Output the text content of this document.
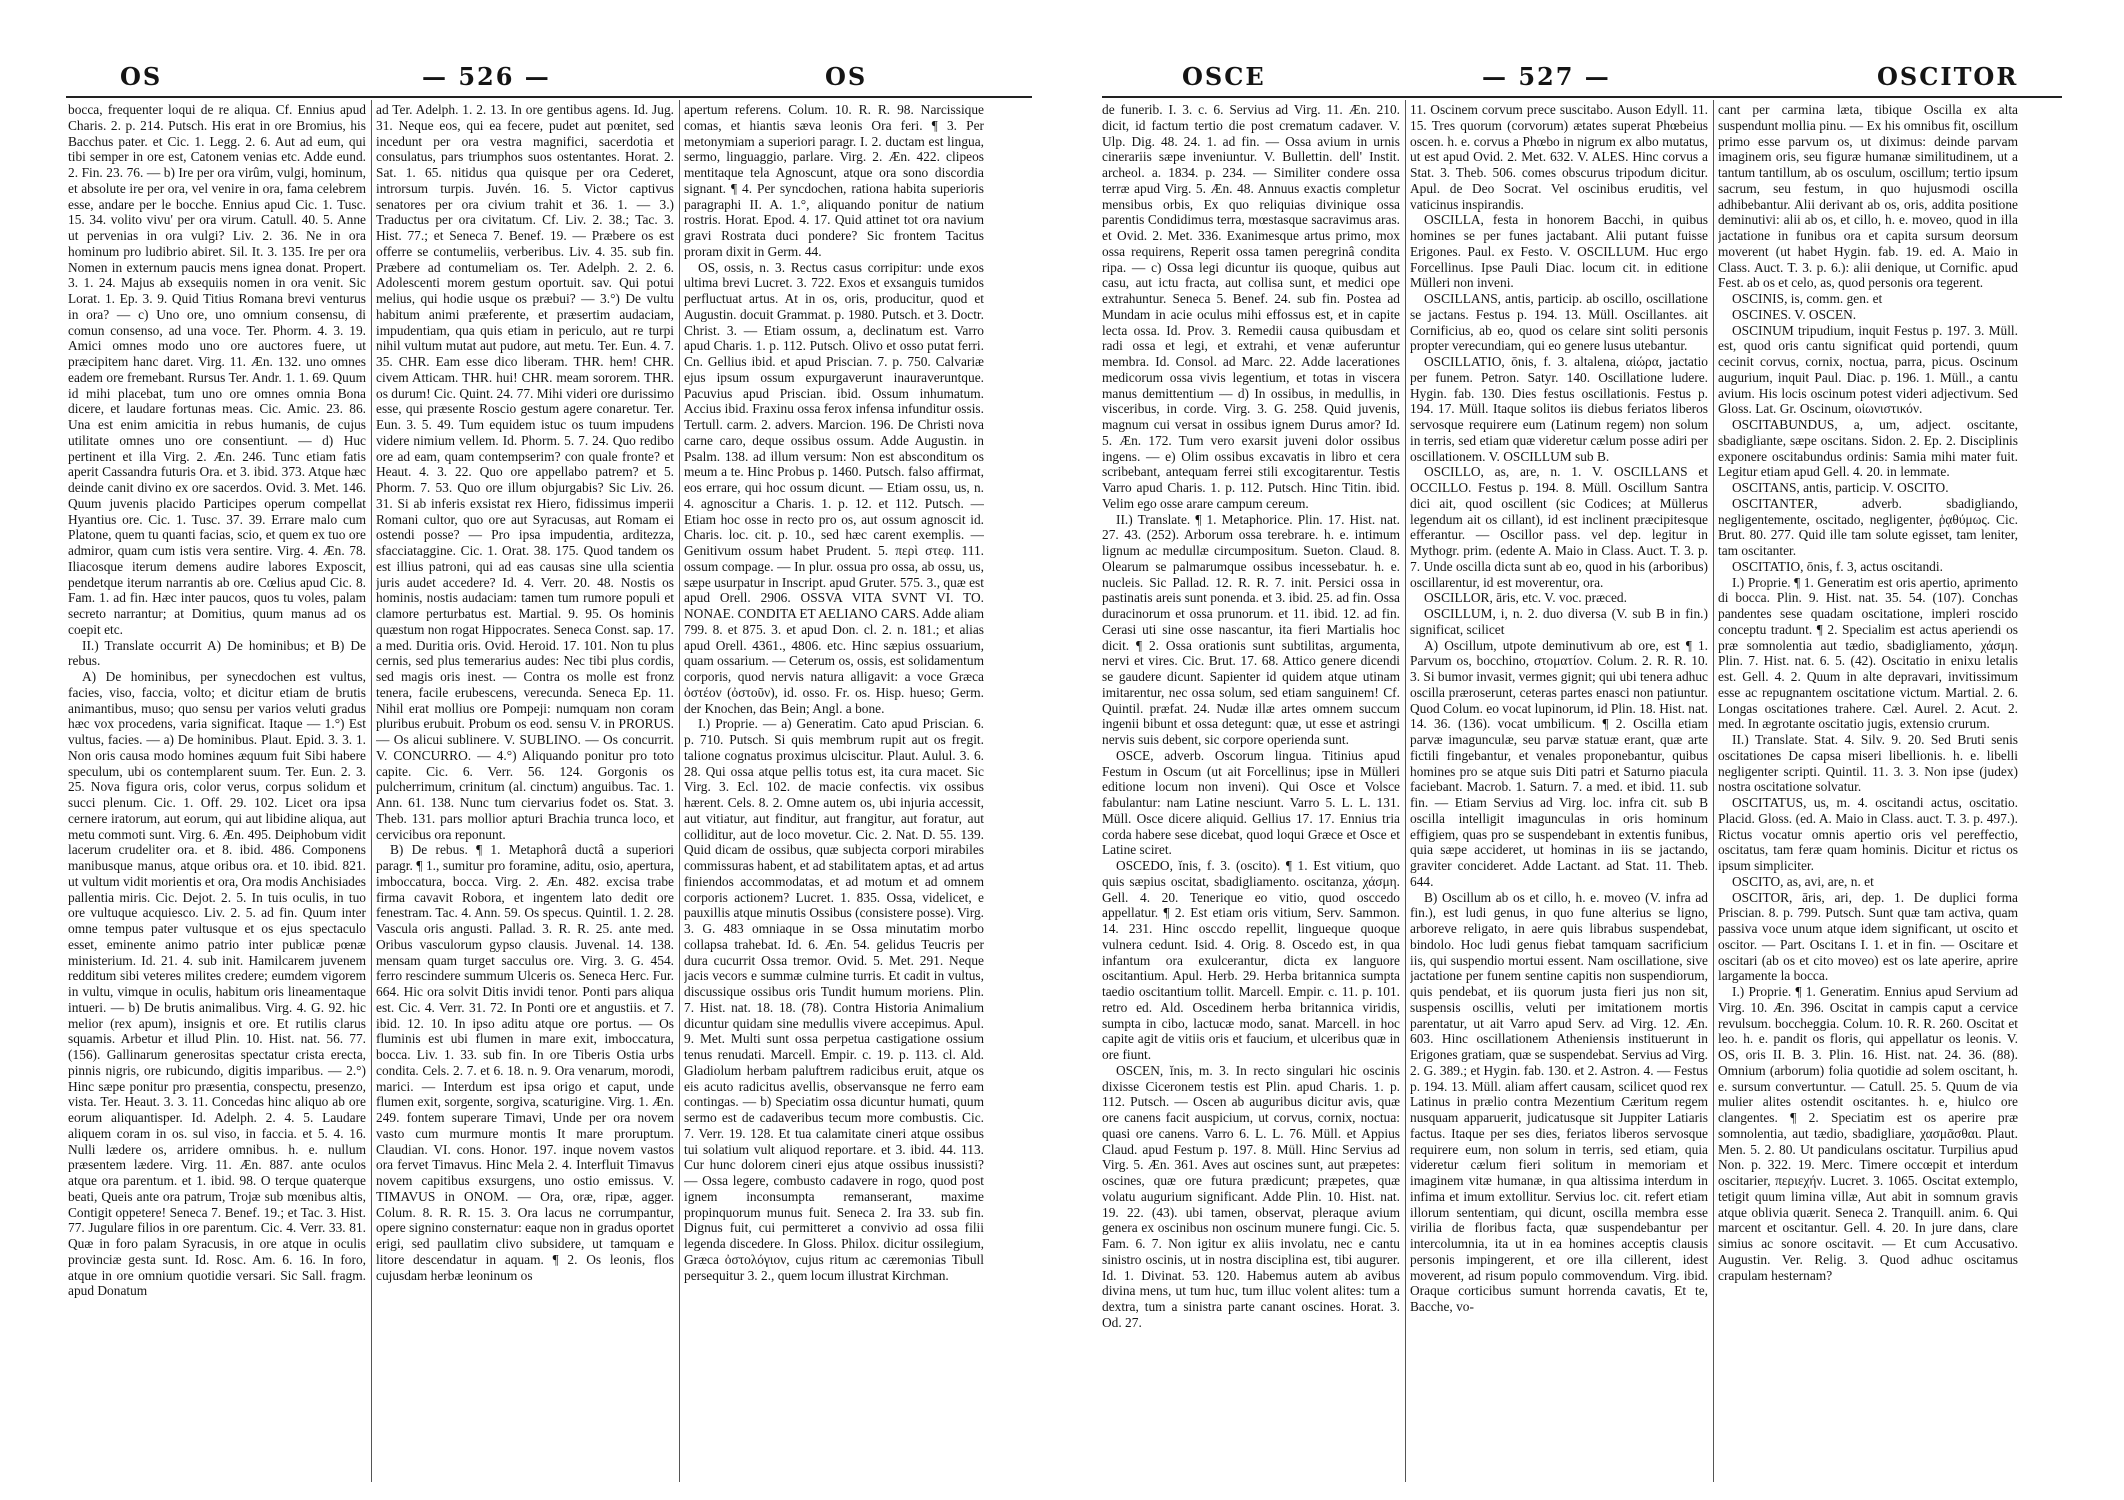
OS	— 526 —	OS

bocca, frequenter loqui de re aliqua. Cf. Ennius apud Charis. 2. p. 214. Putsch. His erat in ore Bromius, his Bacchus pater. et Cic. 1. Legg. 2. 6. Aut ad eum, qui tibi semper in ore est, Catonem venias etc. Adde eund. 2. Fin. 23. 76. — b) Ire per ora virûm, vulgi, hominum, et absolute ire per ora, vel venire in ora, fama celebrem esse, andare per le bocche. Ennius apud Cic. 1. Tusc. 15. 34. volito vivu' per ora virum. Catull. 40. 5. Anne ut pervenias in ora vulgi? Liv. 2. 36. Ne in ora hominum pro ludibrio abiret. Sil. It. 3. 135. Ire per ora Nomen in externum paucis mens ignea donat. Propert. 3. 1. 24. Majus ab exsequiis nomen in ora venit. Sic Lorat. 1. Ep. 3. 9. Quid Titius Romana brevi venturus in ora? — c) Uno ore, uno omnium consensu, di comun consenso, ad una voce. Ter. Phorm. 4. 3. 19. Amici omnes modo uno ore auctores fuere, ut præcipitem hanc daret. Virg. 11. Æn. 132. uno omnes eadem ore fremebant. Rursus Ter. Andr. 1. 1. 69. Quum id mihi placebat, tum uno ore omnes omnia Bona dicere, et laudare fortunas meas. Cic. Amic. 23. 86. Una est enim amicitia in rebus humanis, de cujus utilitate omnes uno ore consentiunt. — d) Huc pertinent et illa Virg. 2. Æn. 246. Tunc etiam fatis aperit Cassandra futuris Ora. et 3. ibid. 373. Atque hæc deinde canit divino ex ore sacerdos. Ovid. 3. Met. 146. Quum juvenis placido Participes operum compellat Hyantius ore. Cic. 1. Tusc. 37. 39. Errare malo cum Platone, quem tu quanti facias, scio, et quem ex tuo ore admiror, quam cum istis vera sentire. Virg. 4. Æn. 78. Iliacosque iterum demens audire labores Exposcit, pendetque iterum narrantis ab ore. Cœlius apud Cic. 8. Fam. 1. ad fin. Hæc inter paucos, quos tu voles, palam secreto narrantur; at Domitius, quum manus ad os coepit etc.

II.) Translate occurrit A) De hominibus; et B) De rebus.

A) De hominibus, per synecdochen est vultus, facies, viso, faccia, volto; et dicitur etiam de brutis animantibus, muso; quo sensu per varios veluti gradus hæc vox procedens, varia significat. Itaque — 1.°) Est vultus, facies. — a) De hominibus. Plaut. Epid. 3. 3. 1. Non oris causa modo homines æquum fuit Sibi habere speculum, ubi os contemplarent suum. Ter. Eun. 2. 3. 25. Nova figura oris, color verus, corpus solidum et succi plenum. Cic. 1. Off. 29. 102. Licet ora ipsa cernere iratorum, aut eorum, qui aut libidine aliqua, aut metu commoti sunt. Virg. 6. Æn. 495. Deiphobum vidit lacerum crudeliter ora. et 8. ibid. 486. Componens manibusque manus, atque oribus ora. et 10. ibid. 821. ut vultum vidit morientis et ora, Ora modis Anchisiades pallentia miris. Cic. Dejot. 2. 5. In tuis oculis, in tuo ore vultuque acquiesco. Liv. 2. 5. ad fin. Quum inter omne tempus pater vultusque et os ejus spectaculo esset, eminente animo patrio inter publicæ pœnæ ministerium. Id. 21. 4. sub init. Hamilcarem juvenem redditum sibi veteres milites credere; eumdem vigorem in vultu, vimque in oculis, habitum oris lineamentaque intueri. — b) De brutis animalibus. Virg. 4. G. 92. hic melior (rex apum), insignis et ore. Et rutilis clarus squamis. Arbetur et illud Plin. 10. Hist. nat. 56. 77. (156). Gallinarum generositas spectatur crista erecta, pinnis nigris, ore rubicundo, digitis imparibus. — 2.°) Hinc sæpe ponitur pro præsentia, conspectu, presenzo, vista. Ter. Heaut. 3. 3. 11. Concedas hinc aliquo ab ore eorum aliquantisper. Id. Adelph. 2. 4. 5. Laudare aliquem coram in os. sul viso, in faccia. et 5. 4. 16. Nulli lædere os, arridere omnibus. h. e. nullum præsentem lædere. Virg. 11. Æn. 887. ante oculos atque ora parentum. et 1. ibid. 98. O terque quaterque beati, Queis ante ora patrum, Trojæ sub mœnibus altis, Contigit oppetere! Seneca 7. Benef. 19.; et Tac. 3. Hist. 77. Jugulare filios in ore parentum. Cic. 4. Verr. 33. 81. Quæ in foro palam Syracusis, in ore atque in oculis provinciæ gesta sunt. Id. Rosc. Am. 6. 16. In foro, atque in ore omnium quotidie versari. Sic Sall. fragm. apud Donatum

ad Ter. Adelph. 1. 2. 13. In ore gentibus agens. Id. Jug. 31. Neque eos, qui ea fecere, pudet aut pœnitet, sed incedunt per ora vestra magnifici, sacerdotia et consulatus, pars triumphos suos ostentantes. Horat. 2. Sat. 1. 65. nitidus qua quisque per ora Cederet, introrsum turpis. Juvén. 16. 5. Victor captivus senatores per ora civium trahit et 36. 1. — 3.) Traductus per ora civitatum. Cf. Liv. 2. 38.; Tac. 3. Hist. 77.; et Seneca 7. Benef. 19. — Præbere os est offerre se contumeliis, verberibus. Liv. 4. 35. sub fin. Præbere ad contumeliam os. Ter. Adelph. 2. 2. 6. Adolescenti morem gestum oportuit. sav. Qui potui melius, qui hodie usque os præbui? — 3.°) De vultu habitum animi præferente, et præsertim audaciam, impudentiam, qua quis etiam in periculo, aut re turpi nihil vultum mutat aut pudore, aut metu. Ter. Eun. 4. 7. 35. CHR. Eam esse dico liberam. THR. hem! CHR. civem Atticam. THR. hui! CHR. meam sororem. THR. os durum! Cic. Quint. 24. 77. Mihi videri ore durissimo esse, qui præsente Roscio gestum agere conaretur. Ter. Eun. 3. 5. 49. Tum equidem istuc os tuum impudens videre nimium vellem. Id. Phorm. 5. 7. 24. Quo redibo ore ad eam, quam contempserim? con quale fronte? et Heaut. 4. 3. 22. Quo ore appellabo patrem? et 5. Phorm. 7. 53. Quo ore illum objurgabis? Sic Liv. 26. 31. Si ab inferis exsistat rex Hiero, fidissimus imperii Romani cultor, quo ore aut Syracusas, aut Romam ei ostendi posse? — Pro ipsa impudentia, arditezza, sfacciataggine. Cic. 1. Orat. 38. 175. Quod tandem os est illius patroni, qui ad eas causas sine ulla scientia juris audet accedere? Id. 4. Verr. 20. 48. Nostis os hominis, nostis audaciam: tamen tum rumore populi et clamore perturbatus est. Martial. 9. 95. Os hominis quæstum non rogat Hippocrates. Seneca Const. sap. 17. a med. Duritia oris. Ovid. Heroid. 17. 101. Non tu plus cernis, sed plus temerarius audes: Nec tibi plus cordis, sed magis oris inest. — Contra os molle est fronz tenera, facile erubescens, verecunda. Seneca Ep. 11. Nihil erat mollius ore Pompeji: numquam non coram pluribus erubuit. Probum os eod. sensu V. in PRORUS. — Os alicui sublinere. V. SUBLINO. — Os concurrit. V. CONCURRO. — 4.°) Aliquando ponitur pro toto capite. Cic. 6. Verr. 56. 124. Gorgonis os pulcherrimum, crinitum (al. cinctum) anguibus. Tac. 1. Ann. 61. 138. Nunc tum ciervarius fodet os. Stat. 3. Theb. 131. pars mollior apturi Brachia trunca loco, et cervicibus ora reponunt.

B) De rebus. ¶ 1. Metaphorâ ductâ a superiori paragr. ¶ 1., sumitur pro foramine, aditu, osio, apertura, imboccatura, bocca. Virg. 2. Æn. 482. excisa trabe firma cavavit Robora, et ingentem lato dedit ore fenestram. Tac. 4. Ann. 59. Os specus. Quintil. 1. 2. 28. Vascula oris angusti. Pallad. 3. R. R. 25. ante med. Oribus vasculorum gypso clausis. Juvenal. 14. 138. mensam quam turget sacculus ore. Virg. 3. G. 454. ferro rescindere summum Ulceris os. Seneca Herc. Fur. 664. Hic ora solvit Ditis invidi tenor. Ponti pars aliqua est. Cic. 4. Verr. 31. 72. In Ponti ore et angustiis. et 7. ibid. 12. 10. In ipso aditu atque ore portus. — Os fluminis est ubi flumen in mare exit, imboccatura, bocca. Liv. 1. 33. sub fin. In ore Tiberis Ostia urbs condita. Cels. 2. 7. et 6. 18. n. 9. Ora venarum, morodi, marici. — Interdum est ipsa origo et caput, unde flumen exit, sorgente, sorgiva, scaturigine. Virg. 1. Æn. 249. fontem superare Timavi, Unde per ora novem vasto cum murmure montis It mare proruptum. Claudian. VI. cons. Honor. 197. inque novem vastos ora fervet Timavus. Hinc Mela 2. 4. Interfluit Timavus novem capitibus exsurgens, uno ostio emissus. V. TIMAVUS in ONOM. — Ora, oræ, ripæ, agger. Colum. 8. R. R. 15. 3. Ora lacus ne corrumpantur, opere signino consternatur: eaque non in gradus oportet erigi, sed paullatim clivo subsidere, ut tamquam e litore descendatur in aquam. ¶ 2. Os leonis, flos cujusdam herbæ leoninum os

apertum referens. Colum. 10. R. R. 98. Narcissique comas, et hiantis sæva leonis Ora feri. ¶ 3. Per metonymiam a superiori paragr. I. 2. ductam est lingua, sermo, linguaggio, parlare. Virg. 2. Æn. 422. clipeos mentitaque tela Agnoscunt, atque ora sono discordia signant. ¶ 4. Per syncdochen, rationa habita superioris paragraphi II. A. 1.°, aliquando ponitur de natium rostris. Horat. Epod. 4. 17. Quid attinet tot ora navium gravi Rostrata duci pondere? Sic frontem Tacitus proram dixit in Germ. 44.

OS, ossis, n. 3. Rectus casus corripitur: unde exos ultima brevi Lucret. 3. 722. Exos et exsanguis tumidos perfluctuat artus. At in os, oris, producitur, quod et Augustin. docuit Grammat. p. 1980. Putsch. et 3. Doctr. Christ. 3. — Etiam ossum, a, declinatum est. Varro apud Charis. 1. p. 112. Putsch. Olivo et osso putat ferri. Cn. Gellius ibid. et apud Priscian. 7. p. 750. Calvariæ ejus ipsum ossum expurgaverunt inauraveruntque. Pacuvius apud Priscian. ibid. Ossum inhumatum. Accius ibid. Fraxinu ossa ferox infensa infunditur ossis. Tertull. carm. 2. advers. Marcion. 196. De Christi nova carne caro, deque ossibus ossum. Adde Augustin. in Psalm. 138. ad illum versum: Non est absconditum os meum a te. Hinc Probus p. 1460. Putsch. falso affirmat, eos errare, qui hoc ossum dicunt. — Etiam ossu, us, n. 4. agnoscitur a Charis. 1. p. 12. et 112. Putsch. — Etiam hoc osse in recto pro os, aut ossum agnoscit id. Charis. loc. cit. p. 10., sed hæc carent exemplis. — Genitivum ossum habet Prudent. 5. περὶ στεφ. 111. ossum compage. — In plur. ossua pro ossa, ab ossu, us, sæpe usurpatur in Inscript. apud Gruter. 575. 3., quæ est apud Orell. 2906. OSSVA VITA SVNT VI. TO. NONAE. CONDITA ET AELIANO CARS. Adde aliam 799. 8. et 875. 3. et apud Don. cl. 2. n. 181.; et alias apud Orell. 4361., 4806. etc. Hinc sæpius ossuarium, quam ossarium. — Ceterum os, ossis, est solidamentum corporis, quod nervis natura alligavit: a voce Græca ὀστέον (ὀστοῦν), id. osso. Fr. os. Hisp. hueso; Germ. der Knochen, das Bein; Angl. a bone.

I.) Proprie. — a) Generatim. Cato apud Priscian. 6. p. 710. Putsch. Si quis membrum rupit aut os fregit. talione cognatus proximus ulciscitur. Plaut. Aulul. 3. 6. 28. Qui ossa atque pellis totus est, ita cura macet. Sic Virg. 3. Ecl. 102. de macie confectis. vix ossibus hærent. Cels. 8. 2. Omne autem os, ubi injuria accessit, aut vitiatur, aut finditur, aut frangitur, aut foratur, aut colliditur, aut de loco movetur. Cic. 2. Nat. D. 55. 139. Quid dicam de ossibus, quæ subjecta corpori mirabiles commissuras habent, et ad stabilitatem aptas, et ad artus finiendos accommodatas, et ad motum et ad omnem corporis actionem? Lucret. 1. 835. Ossa, videlicet, e pauxillis atque minutis Ossibus (consistere posse). Virg. 3. G. 483 omniaque in se Ossa minutatim morbo collapsa trahebat. Id. 6. Æn. 54. gelidus Teucris per dura cucurrit Ossa tremor. Ovid. 5. Met. 291. Neque jacis vecors e summæ culmine turris. Et cadit in vultus, discussique ossibus oris Tundit humum moriens. Plin. 7. Hist. nat. 18. 18. (78). Contra Historia Animalium dicuntur quidam sine medullis vivere accepimus. Apul. 9. Met. Multi sunt ossa perpetua castigatione ossium tenus renudati. Marcell. Empir. c. 19. p. 113. cl. Ald. Gladiolum herbam paluftrem radicibus eruit, atque os eis acuto radicitus avellis, observansque ne ferro eam contingas. — b) Speciatim ossa dicuntur humati, quum sermo est de cadaveribus tecum more combustis. Cic. 7. Verr. 19. 128. Et tua calamitate cineri atque ossibus tui solatium vult aliquod reportare. et 3. ibid. 44. 113. Cur hunc dolorem cineri ejus atque ossibus inussisti? — Ossa legere, combusto cadavere in rogo, quod post ignem inconsumpta remanserant, maxime propinquorum munus fuit. Seneca 2. Ira 33. sub fin. Dignus fuit, cui permitteret a convivio ad ossa filii legenda discedere. In Gloss. Philox. dicitur ossilegium, Græca ὀστολόγιον, cujus ritum ac cæremonias Tibull persequitur 3. 2., quem locum illustrat Kirchman.

OSCE	— 527 —	OSCITOR

de funerib. I. 3. c. 6. Servius ad Virg. 11. Æn. 210. dicit, id factum tertio die post crematum cadaver. V. Ulp. Dig. 48. 24. 1. ad fin. — Ossa avium in urnis cinerariis sæpe inveniuntur. V. Bullettin. dell' Instit. archeol. a. 1834. p. 234. — Similiter condere ossa terræ apud Virg. 5. Æn. 48. Annuus exactis completur mensibus orbis, Ex quo reliquias divinique ossa parentis Condidimus terra, mœstasque sacravimus aras. et Ovid. 2. Met. 336. Exanimesque artus primo, mox ossa requirens, Reperit ossa tamen peregrinâ condita ripa. — c) Ossa legi dicuntur iis quoque, quibus aut casu, aut ictu fracta, aut collisa sunt, et medici ope extrahuntur. Seneca 5. Benef. 24. sub fin. Postea ad Mundam in acie oculus mihi effossus est, et in capite lecta ossa. Id. Prov. 3. Remedii causa quibusdam et radi ossa et legi, et extrahi, et venæ auferuntur membra. Id. Consol. ad Marc. 22. Adde lacerationes medicorum ossa vivis legentium, et totas in viscera manus demittentium — d) In ossibus, in medullis, in visceribus, in corde. Virg. 3. G. 258. Quid juvenis, magnum cui versat in ossibus ignem Durus amor? Id. 5. Æn. 172. Tum vero exarsit juveni dolor ossibus ingens. — e) Olim ossibus excavatis in libro et cera scribebant, antequam ferrei stili excogitarentur. Testis Varro apud Charis. 1. p. 112. Putsch. Hinc Titin. ibid. Velim ego osse arare campum cereum.

II.) Translate. ¶ 1. Metaphorice. Plin. 17. Hist. nat. 27. 43. (252). Arborum ossa terebrare. h. e. intimum lignum ac medullæ circumpositum. Sueton. Claud. 8. Olearum se palmarumque ossibus incessebatur. h. e. nucleis. Sic Pallad. 12. R. R. 7. init. Persici ossa in pastinatis areis sunt ponenda. et 3. ibid. 25. ad fin. Ossa duracinorum et ossa prunorum. et 11. ibid. 12. ad fin. Cerasi uti sine osse nascantur, ita fieri Martialis hoc dicit. ¶ 2. Ossa orationis sunt subtilitas, argumenta, nervi et vires. Cic. Brut. 17. 68. Attico genere dicendi se gaudere dicunt. Sapienter id quidem atque utinam imitarentur, nec ossa solum, sed etiam sanguinem! Cf. Quintil. præfat. 24. Nudæ illæ artes omnem succum ingenii bibunt et ossa detegunt: quæ, ut esse et astringi nervis suis debent, sic corpore operienda sunt.

OSCE, adverb. Oscorum lingua. Titinius apud Festum in Oscum (ut ait Forcellinus; ipse in Mülleri editione locum non inveni). Qui Osce et Volsce fabulantur: nam Latine nesciunt. Varro 5. L. L. 131. Müll. Osce dicere aliquid. Gellius 17. 17. Ennius tria corda habere sese dicebat, quod loqui Græce et Osce et Latine sciret.

OSCEDO, ĭnis, f. 3. (oscito). ¶ 1. Est vitium, quo quis sæpius oscitat, sbadigliamento. oscitanza, χάσμη. Gell. 4. 20. Tenerique eo vitio, quod osccedo appellatur. ¶ 2. Est etiam oris vitium, Serv. Sammon. 14. 231. Hinc osccdo repellit, lingueque quoque vulnera cedunt. Isid. 4. Orig. 8. Oscedo est, in qua infantum ora exulcerantur, dicta ex languore oscitantium. Apul. Herb. 29. Herba britannica sumpta taedio oscitantium tollit. Marcell. Empir. c. 11. p. 101. retro ed. Ald. Oscedinem herba britannica viridis, sumpta in cibo, lactucæ modo, sanat. Marcell. in hoc capite agit de vitiis oris et faucium, et ulceribus quæ in ore fiunt.

OSCEN, ĭnis, m. 3. In recto singulari hic oscinis dixisse Ciceronem testis est Plin. apud Charis. 1. p. 112. Putsch. — Oscen ab auguribus dicitur avis, quæ ore canens facit auspicium, ut corvus, cornix, noctua: quasi ore canens. Varro 6. L. L. 76. Müll. et Appius Claud. apud Festum p. 197. 8. Müll. Hinc Servius ad Virg. 5. Æn. 361. Aves aut oscines sunt, aut præpetes: oscines, quæ ore futura prædicunt; præpetes, quæ volatu augurium significant. Adde Plin. 10. Hist. nat. 19. 22. (43). ubi tamen, observat, pleraque avium genera ex oscinibus non oscinum munere fungi. Cic. 5. Fam. 6. 7. Non igitur ex aliis involatu, nec e cantu sinistro oscinis, ut in nostra disciplina est, tibi augurer. Id. 1. Divinat. 53. 120. Habemus autem ab avibus divina mens, ut tum huc, tum illuc volent alites: tum a dextra, tum a sinistra parte canant oscines. Horat. 3. Od. 27.

11. Oscinem corvum prece suscitabo. Auson Edyll. 11. 15. Tres quorum (corvorum) ætates superat Phœbeius oscen. h. e. corvus a Phœbo in nigrum ex albo mutatus, ut est apud Ovid. 2. Met. 632. V. ALES. Hinc corvus a Stat. 3. Theb. 506. comes obscurus tripodum dicitur. Apul. de Deo Socrat. Vel oscinibus eruditis, vel vaticinus inspirandis.

OSCILLA, festa in honorem Bacchi, in quibus homines se per funes jactabant. Alii putant fuisse Erigones. Paul. ex Festo. V. OSCILLUM. Huc ergo Forcellinus. Ipse Pauli Diac. locum cit. in editione Mülleri non inveni.

OSCILLANS, antis, particip. ab oscillo, oscillatione se jactans. Festus p. 194. 13. Müll. Oscillantes. ait Cornificius, ab eo, quod os celare sint soliti personis propter verecundiam, qui eo genere lusus utebantur.

OSCILLATIO, ōnis, f. 3. altalena, αἰώρα, jactatio per funem. Petron. Satyr. 140. Oscillatione ludere. Hygin. fab. 130. Dies festus oscillationis. Festus p. 194. 17. Müll. Itaque solitos iis diebus feriatos liberos servosque requirere eum (Latinum regem) non solum in terris, sed etiam quæ videretur cælum posse adiri per oscillationem. V. OSCILLUM sub B.

OSCILLO, as, are, n. 1. V. OSCILLANS et OCCILLO. Festus p. 194. 8. Müll. Oscillum Santra dici ait, quod oscillent (sic Codices; at Müllerus legendum ait os cillant), id est inclinent præcipitesque efferantur. — Oscillor pass. vel dep. legitur in Mythogr. prim. (edente A. Maio in Class. Auct. T. 3. p. 7. Unde oscilla dicta sunt ab eo, quod in his (arboribus) oscillarentur, id est moverentur, ora.

OSCILLOR, āris, etc. V. voc. præced.

OSCILLUM, i, n. 2. duo diversa (V. sub B in fin.) significat, scilicet

A) Oscillum, utpote deminutivum ab ore, est ¶ 1. Parvum os, bocchino, στοματίον. Colum. 2. R. R. 10. 3. Si bumor invasit, vermes gignit; qui ubi tenera adhuc oscilla præroserunt, ceteras partes enasci non patiuntur. Quod Colum. eo vocat lupinorum, id Plin. 18. Hist. nat. 14. 36. (136). vocat umbilicum. ¶ 2. Oscilla etiam parvæ imagunculæ, seu parvæ statuæ erant, quæ arte fictili fingebantur, et venales proponebantur, quibus homines pro se atque suis Diti patri et Saturno piacula faciebant. Macrob. 1. Saturn. 7. a med. et ibid. 11. sub fin. — Etiam Servius ad Virg. loc. infra cit. sub B oscilla intelligit imagunculas in oris hominum effigiem, quas pro se suspendebant in extentis funibus, quia sæpe accideret, ut hominas in iis se jactando, graviter concideret. Adde Lactant. ad Stat. 11. Theb. 644.

B) Oscillum ab os et cillo, h. e. moveo (V. infra ad fin.), est ludi genus, in quo fune alterius se ligno, arboreve religato, in aere quis librabus suspendebat, bindolo. Hoc ludi genus fiebat tamquam sacrificium iis, qui suspendio mortui essent. Nam oscillatione, sive jactatione per funem sentine capitis non suspendiorum, quis pendebat, et iis quorum justa fieri jus non sit, suspensis oscillis, veluti per imitationem mortis parentatur, ut ait Varro apud Serv. ad Virg. 12. Æn. 603. Hinc oscillationem Atheniensis instituerunt in Erigones gratiam, quæ se suspendebat. Servius ad Virg. 2. G. 389.; et Hygin. fab. 130. et 2. Astron. 4. — Festus p. 194. 13. Müll. aliam affert causam, scilicet quod rex Latinus in prælio contra Mezentium Cæritum regem nusquam apparuerit, judicatusque sit Juppiter Latiaris factus. Itaque per ses dies, feriatos liberos servosque requirere eum, non solum in terris, sed etiam, quia videretur cælum fieri solitum in memoriam et imaginem vitæ humanæ, in qua altissima interdum in infima et imum extollitur. Servius loc. cit. refert etiam illorum sententiam, qui dicunt, oscilla membra esse virilia de floribus facta, quæ suspendebantur per intercolumnia, ita ut in ea homines acceptis clausis personis impingerent, et ore illa cillerent, idest moverent, ad risum populo commovendum. Virg. ibid. Oraque corticibus sumunt horrenda cavatis, Et te, Bacche, vo-

cant per carmina læta, tibique Oscilla ex alta suspendunt mollia pinu. — Ex his omnibus fit, oscillum primo esse parvum os, ut diximus: deinde parvam imaginem oris, seu figuræ humanæ similitudinem, ut a tantum tantillum, ab os osculum, oscillum; tertio ipsum sacrum, seu festum, in quo hujusmodi oscilla adhibebantur. Alii derivant ab os, oris, addita positione deminutivi: alii ab os, et cillo, h. e. moveo, quod in illa jactatione in funibus ora et capita sursum deorsum moverent (ut habet Hygin. fab. 19. ed. A. Maio in Class. Auct. T. 3. p. 6.): alii denique, ut Cornific. apud Fest. ab os et celo, as, quod personis ora tegerent.

OSCINIS, is, comm. gen. et

OSCINES. V. OSCEN.

OSCINUM tripudium, inquit Festus p. 197. 3. Müll. est, quod oris cantu significat quid portendi, quum cecinit corvus, cornix, noctua, parra, picus. Oscinum augurium, inquit Paul. Diac. p. 196. 1. Müll., a cantu avium. His locis oscinum potest videri adjectivum. Sed Gloss. Lat. Gr. Oscinum, οἰωνιστικόν.

OSCITABUNDUS, a, um, adject. oscitante, sbadigliante, sæpe oscitans. Sidon. 2. Ep. 2. Disciplinis exponere oscitabundus ordinis: Samia mihi mater fuit. Legitur etiam apud Gell. 4. 20. in lemmate.

OSCITANS, antis, particip. V. OSCITO.

OSCITANTER, adverb. sbadigliando, negligentemente, oscitado, negligenter, ῥᾳθύμως. Cic. Brut. 80. 277. Quid ille tam solute egisset, tam leniter, tam oscitanter.

OSCITATIO, ōnis, f. 3, actus oscitandi.

I.) Proprie. ¶ 1. Generatim est oris apertio, aprimento di bocca. Plin. 9. Hist. nat. 35. 54. (107). Conchas pandentes sese quadam oscitatione, impleri roscido conceptu tradunt. ¶ 2. Specialim est actus aperiendi os præ somnolentia aut tædio, sbadigliamento, χάσμη. Plin. 7. Hist. nat. 6. 5. (42). Oscitatio in enixu letalis est. Gell. 4. 2. Quum in alte depravari, invitissimum esse ac repugnantem oscitatione victum. Martial. 2. 6. Longas oscitationes trahere. Cæl. Aurel. 2. Acut. 2. med. In ægrotante oscitatio jugis, extensio crurum.

II.) Translate. Stat. 4. Silv. 9. 20. Sed Bruti senis oscitationes De capsa miseri libellionis. h. e. libelli negligenter scripti. Quintil. 11. 3. 3. Non ipse (judex) nostra oscitatione solvatur.

OSCITATUS, us, m. 4. oscitandi actus, oscitatio. Placid. Gloss. (ed. A. Maio in Class. auct. T. 3. p. 497.). Rictus vocatur omnis apertio oris vel pereffectio, oscitatus, tam feræ quam hominis. Dicitur et rictus os ipsum simpliciter.

OSCITO, as, avi, are, n. et

OSCITOR, āris, ari, dep. 1. De duplici forma Priscian. 8. p. 799. Putsch. Sunt quæ tam activa, quam passiva voce unum atque idem significant, ut oscito et oscitor. — Part. Oscitans I. 1. et in fin. — Oscitare et oscitari (ab os et cito moveo) est os late aperire, aprire largamente la bocca.

I.) Proprie. ¶ 1. Generatim. Ennius apud Servium ad Virg. 10. Æn. 396. Oscitat in campis caput a cervice revulsum. boccheggia. Colum. 10. R. R. 260. Oscitat et leo. h. e. pandit os floris, qui appellatur os leonis. V. OS, oris II. B. 3. Plin. 16. Hist. nat. 24. 36. (88). Omnium (arborum) folia quotidie ad solem oscitant, h. e. sursum convertuntur. — Catull. 25. 5. Quum de via mulier alites ostendit oscitantes. h. e, hiulco ore clangentes. ¶ 2. Speciatim est os aperire præ somnolentia, aut tædio, sbadigliare, χασμᾶσθαι. Plaut. Men. 5. 2. 80. Ut pandiculans oscitatur. Turpilius apud Non. p. 322. 19. Merc. Timere occœpit et interdum oscitarier, περιεχήν. Lucret. 3. 1065. Oscitat extemplo, tetigit quum limina villæ, Aut abit in somnum gravis atque oblivia quærit. Seneca 2. Tranquill. anim. 6. Qui marcent et oscitantur. Gell. 4. 20. In jure dans, clare simius ac sonore oscitavit. — Et cum Accusativo. Augustin. Ver. Relig. 3. Quod adhuc oscitamus crapulam hesternam?
